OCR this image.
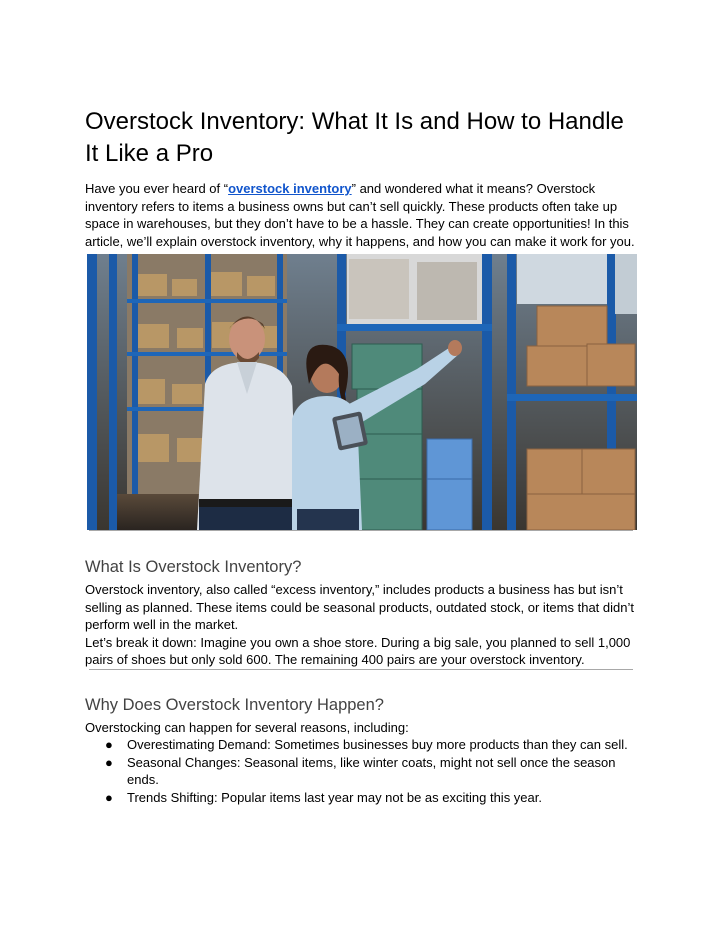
Overstock Inventory: What It Is and How to Handle It Like a Pro

Have you ever heard of “overstock inventory” and wondered what it means? Overstock inventory refers to items a business owns but can’t sell quickly. These products often take up space in warehouses, but they don’t have to be a hassle. They can create opportunities! In this article, we’ll explain overstock inventory, why it happens, and how you can make it work for you.

What Is Overstock Inventory?

Overstock inventory, also called “excess inventory,” includes products a business has but isn’t selling as planned. These items could be seasonal products, outdated stock, or items that didn’t perform well in the market.

Let’s break it down: Imagine you own a shoe store. During a big sale, you planned to sell 1,000 pairs of shoes but only sold 600. The remaining 400 pairs are your overstock inventory.

Why Does Overstock Inventory Happen?

Overstocking can happen for several reasons, including:

● Overestimating Demand: Sometimes businesses buy more products than they can sell.
● Seasonal Changes: Seasonal items, like winter coats, might not sell once the season ends.
● Trends Shifting: Popular items last year may not be as exciting this year.
